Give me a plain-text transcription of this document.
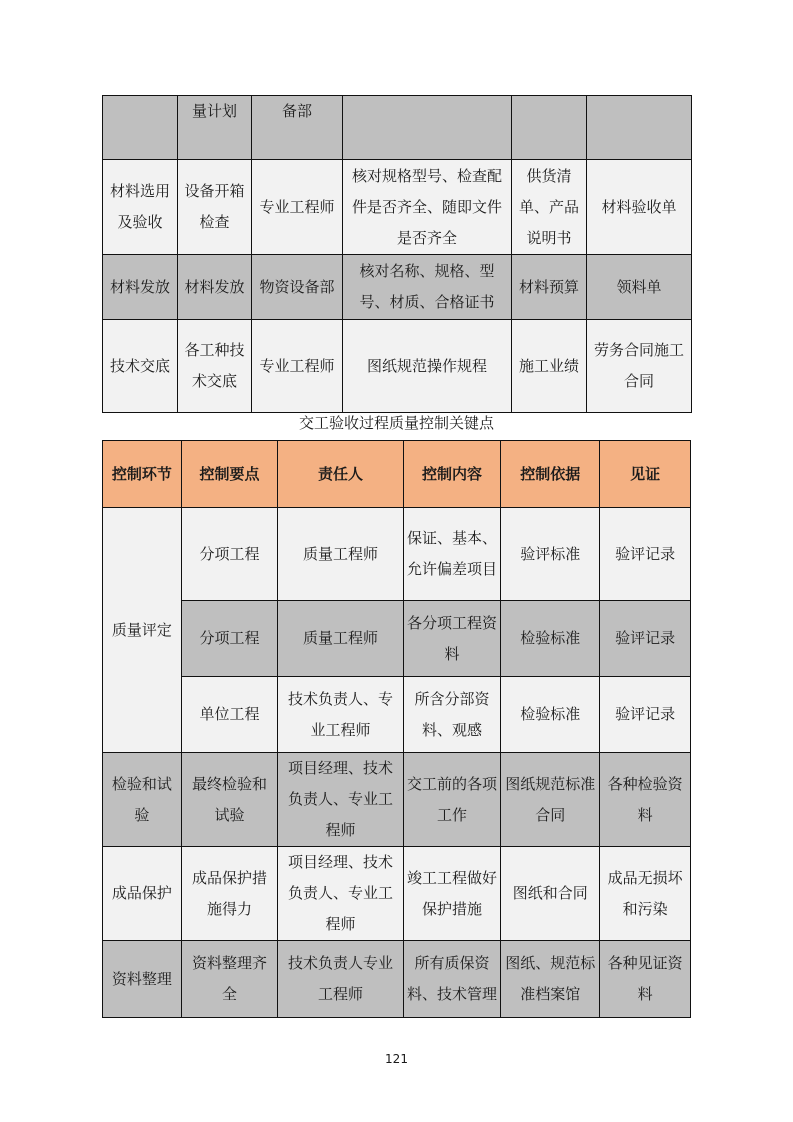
	量计划	备部			
材料选用及验收	设备开箱检查	专业工程师	核对规格型号、检查配件是否齐全、随即文件是否齐全	供货清单、产品说明书	材料验收单
材料发放	材料发放	物资设备部	核对名称、规格、型号、材质、合格证书	材料预算	领料单
技术交底	各工种技术交底	专业工程师	图纸规范操作规程	施工业绩	劳务合同施工合同
交工验收过程质量控制关键点
控制环节	控制要点	责任人	控制内容	控制依据	见证
质量评定	分项工程	质量工程师	保证、基本、允许偏差项目	验评标准	验评记录
	分项工程	质量工程师	各分项工程资料	检验标准	验评记录
	单位工程	技术负责人、专业工程师	所含分部资料、观感	检验标准	验评记录
检验和试验	最终检验和试验	项目经理、技术负责人、专业工程师	交工前的各项工作	图纸规范标准合同	各种检验资料
成品保护	成品保护措施得力	项目经理、技术负责人、专业工程师	竣工工程做好保护措施	图纸和合同	成品无损坏和污染
资料整理	资料整理齐全	技术负责人专业工程师	所有质保资料、技术管理	图纸、规范标准档案馆	各种见证资料
121
